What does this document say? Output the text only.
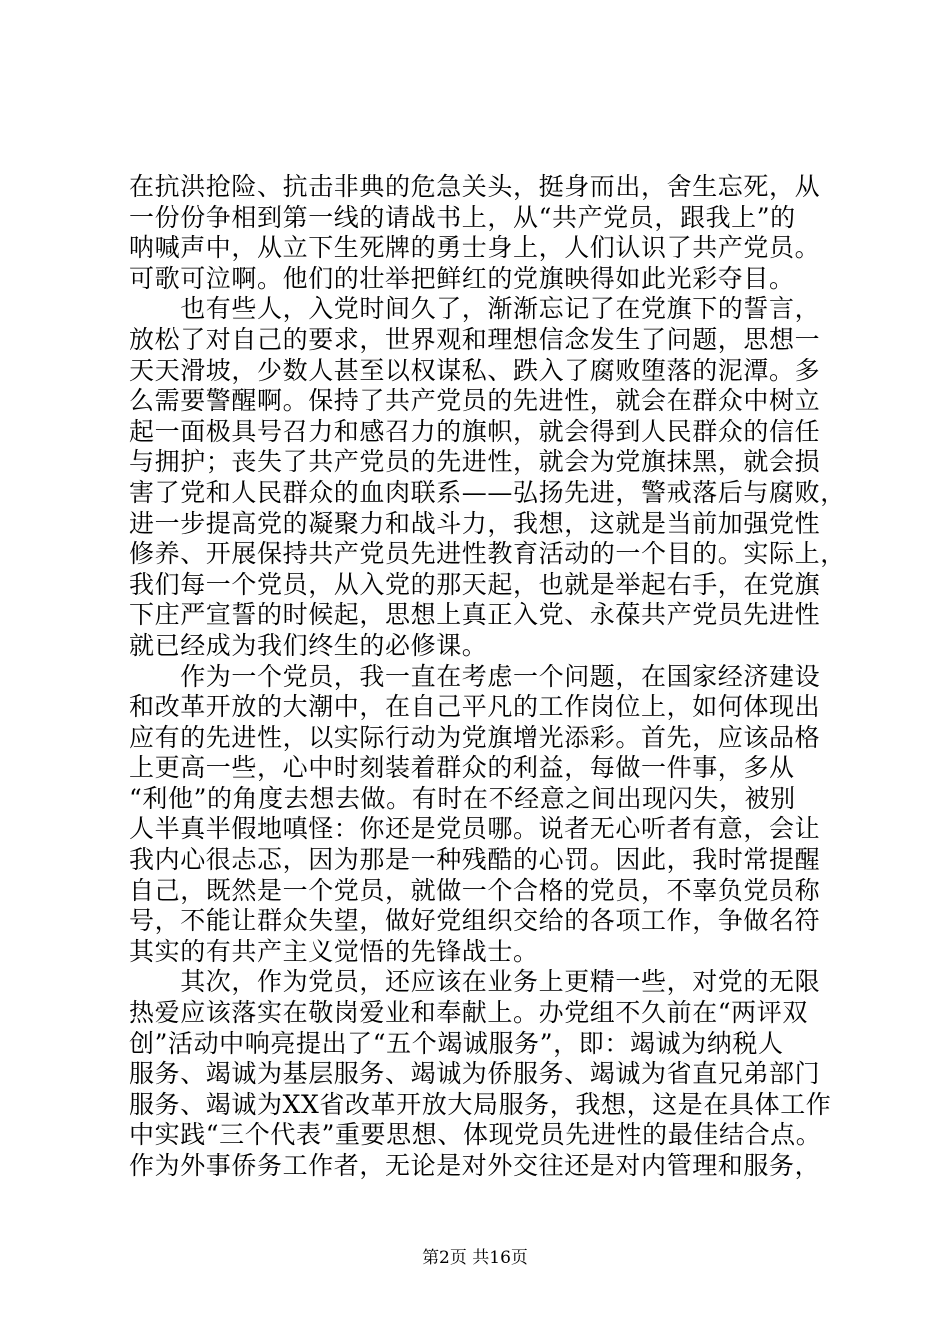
在抗洪抢险、抗击非典的危急关头，挺身而出，舍生忘死，从
一份份争相到第一线的请战书上，从“共产党员，跟我上”的
呐喊声中，从立下生死牌的勇士身上，人们认识了共产党员。
可歌可泣啊。他们的壮举把鲜红的党旗映得如此光彩夺目。
　　也有些人，入党时间久了，渐渐忘记了在党旗下的誓言，
放松了对自己的要求，世界观和理想信念发生了问题，思想一
天天滑坡，少数人甚至以权谋私、跌入了腐败堕落的泥潭。多
么需要警醒啊。保持了共产党员的先进性，就会在群众中树立
起一面极具号召力和感召力的旗帜，就会得到人民群众的信任
与拥护；丧失了共产党员的先进性，就会为党旗抹黑，就会损
害了党和人民群众的血肉联系——弘扬先进，警戒落后与腐败，
进一步提高党的凝聚力和战斗力，我想，这就是当前加强党性
修养、开展保持共产党员先进性教育活动的一个目的。实际上，
我们每一个党员，从入党的那天起，也就是举起右手，在党旗
下庄严宣誓的时候起，思想上真正入党、永葆共产党员先进性
就已经成为我们终生的必修课。
　　作为一个党员，我一直在考虑一个问题，在国家经济建设
和改革开放的大潮中，在自己平凡的工作岗位上，如何体现出
应有的先进性，以实际行动为党旗增光添彩。首先，应该品格
上更高一些，心中时刻装着群众的利益，每做一件事，多从
“利他”的角度去想去做。有时在不经意之间出现闪失，被别
人半真半假地嗔怪：你还是党员哪。说者无心听者有意，会让
我内心很忐忑，因为那是一种残酷的心罚。因此，我时常提醒
自己，既然是一个党员，就做一个合格的党员，不辜负党员称
号，不能让群众失望，做好党组织交给的各项工作，争做名符
其实的有共产主义觉悟的先锋战士。
　　其次，作为党员，还应该在业务上更精一些，对党的无限
热爱应该落实在敬岗爱业和奉献上。办党组不久前在“两评双
创”活动中响亮提出了“五个竭诚服务”，即：竭诚为纳税人
服务、竭诚为基层服务、竭诚为侨服务、竭诚为省直兄弟部门
服务、竭诚为XX省改革开放大局服务，我想，这是在具体工作
中实践“三个代表”重要思想、体现党员先进性的最佳结合点。
作为外事侨务工作者，无论是对外交往还是对内管理和服务，
第2页 共16页
